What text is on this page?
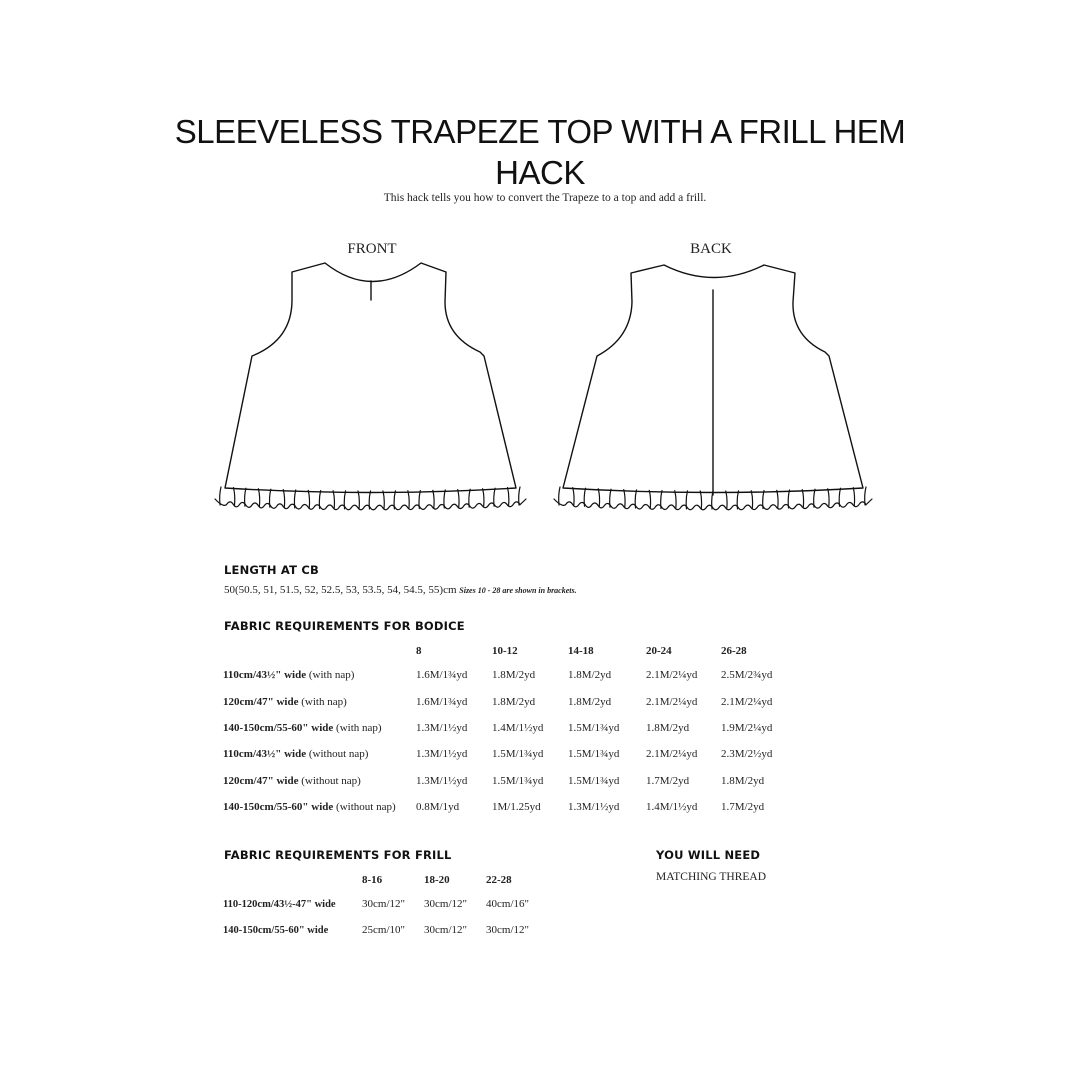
SLEEVELESS TRAPEZE TOP WITH A FRILL HEM
HACK
This hack tells you how to convert the Trapeze to a top and add a frill.
FRONT	BACK
LENGTH AT CB
50(50.5, 51, 51.5, 52, 52.5, 53, 53.5, 54, 54.5, 55)cm Sizes 10 - 28 are shown in brackets.
FABRIC REQUIREMENTS FOR BODICE
	8	10-12	14-18	20-24	26-28
110cm/43½" wide (with nap)	1.6M/1¾yd	1.8M/2yd	1.8M/2yd	2.1M/2¼yd	2.5M/2¾yd
120cm/47" wide (with nap)	1.6M/1¾yd	1.8M/2yd	1.8M/2yd	2.1M/2¼yd	2.1M/2¼yd
140-150cm/55-60" wide (with nap)	1.3M/1½yd	1.4M/1½yd	1.5M/1¾yd	1.8M/2yd	1.9M/2¼yd
110cm/43½" wide (without nap)	1.3M/1½yd	1.5M/1¾yd	1.5M/1¾yd	2.1M/2¼yd	2.3M/2½yd
120cm/47" wide (without nap)	1.3M/1½yd	1.5M/1¾yd	1.5M/1¾yd	1.7M/2yd	1.8M/2yd
140-150cm/55-60" wide (without nap)	0.8M/1yd	1M/1.25yd	1.3M/1½yd	1.4M/1½yd	1.7M/2yd
FABRIC REQUIREMENTS FOR FRILL
	8-16	18-20	22-28
110-120cm/43½-47" wide	30cm/12"	30cm/12"	40cm/16"
140-150cm/55-60" wide	25cm/10"	30cm/12"	30cm/12"
YOU WILL NEED
MATCHING THREAD
